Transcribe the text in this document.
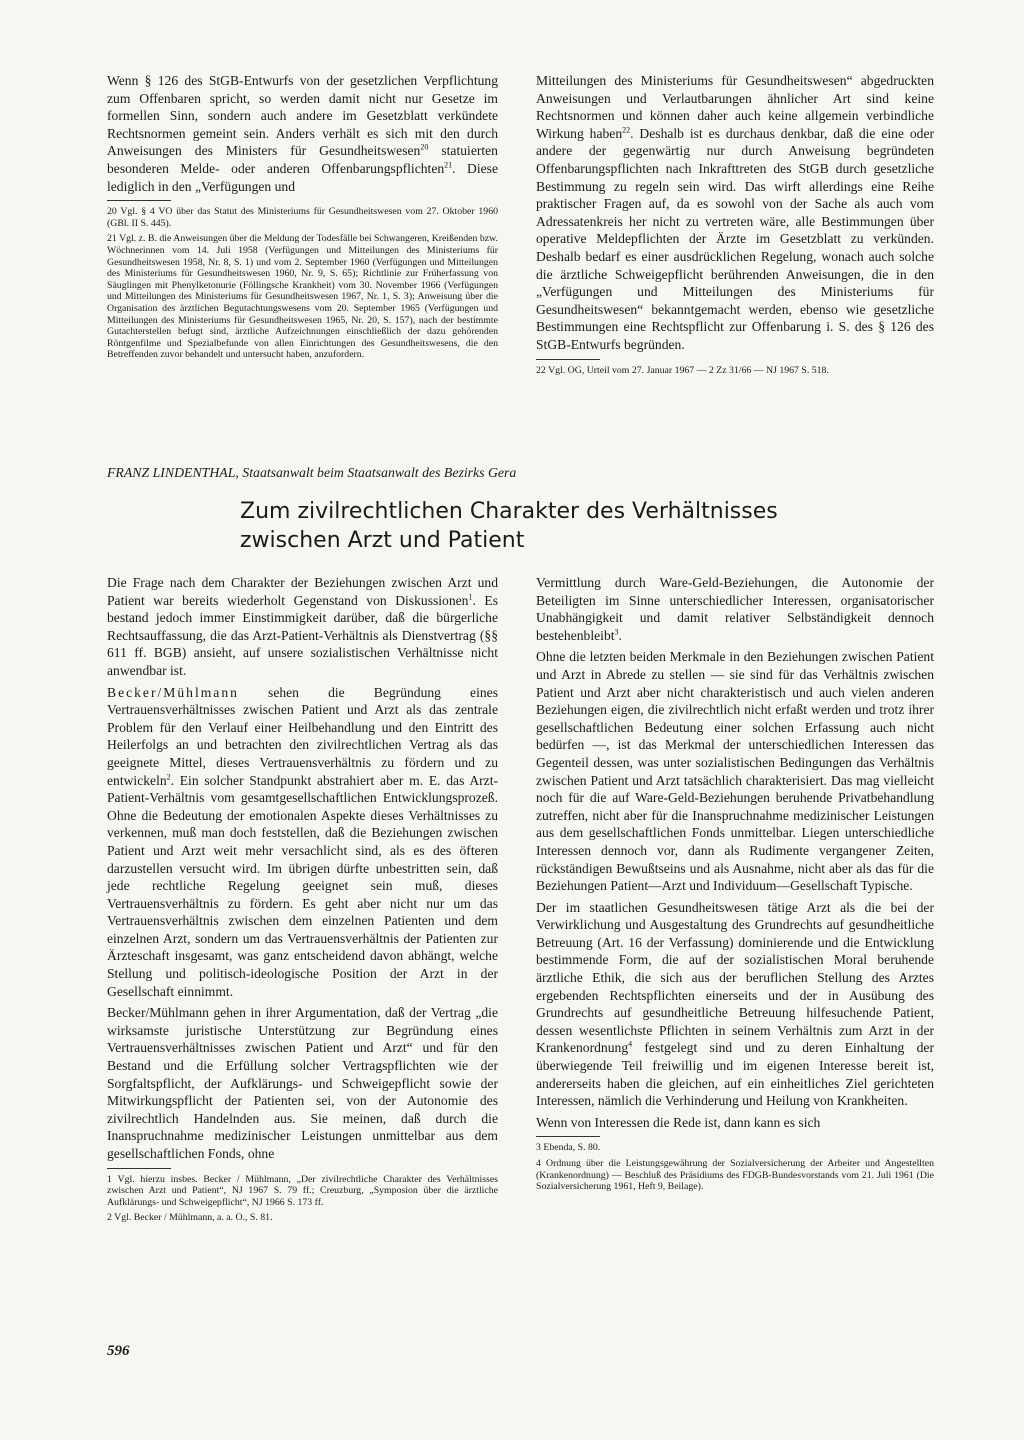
Wenn § 126 des StGB-Entwurfs von der gesetzlichen Verpflichtung zum Offenbaren spricht, so werden damit nicht nur Gesetze im formellen Sinn, sondern auch andere im Gesetzblatt verkündete Rechtsnormen gemeint sein. Anders verhält es sich mit den durch Anweisungen des Ministers für Gesundheitswesen$^{20}$ statuierten besonderen Melde- oder anderen Offenbarungspflichten$^{21}$. Diese lediglich in den „Verfügungen und

20 Vgl. § 4 VO über das Statut des Ministeriums für Gesundheitswesen vom 27. Oktober 1960 (GBl. II S. 445).

21 Vgl. z. B. die Anweisungen über die Meldung der Todesfälle bei Schwangeren, Kreißenden bzw. Wöchnerinnen vom 14. Juli 1958 (Verfügungen und Mitteilungen des Ministeriums für Gesundheitswesen 1958, Nr. 8, S. 1) und vom 2. September 1960 (Verfügungen und Mitteilungen des Ministeriums für Gesundheitswesen 1960, Nr. 9, S. 65); Richtlinie zur Früherfassung von Säuglingen mit Phenylketonurie (Föllingsche Krankheit) vom 30. November 1966 (Verfügungen und Mitteilungen des Ministeriums für Gesundheitswesen 1967, Nr. 1, S. 3); Anweisung über die Organisation des ärztlichen Begutachtungswesens vom 20. September 1965 (Verfügungen und Mitteilungen des Ministeriums für Gesundheitswesen 1965, Nr. 20, S. 157), nach der bestimmte Gutachterstellen befugt sind, ärztliche Aufzeichnungen einschließlich der dazu gehörenden Röntgenfilme und Spezialbefunde von allen Einrichtungen des Gesundheitswesens, die den Betreffenden zuvor behandelt und untersucht haben, anzufordern.

Mitteilungen des Ministeriums für Gesundheitswesen“ abgedruckten Anweisungen und Verlautbarungen ähnlicher Art sind keine Rechtsnormen und können daher auch keine allgemein verbindliche Wirkung haben$^{22}$. Deshalb ist es durchaus denkbar, daß die eine oder andere der gegenwärtig nur durch Anweisung begründeten Offenbarungspflichten nach Inkrafttreten des StGB durch gesetzliche Bestimmung zu regeln sein wird. Das wirft allerdings eine Reihe praktischer Fragen auf, da es sowohl von der Sache als auch vom Adressatenkreis her nicht zu vertreten wäre, alle Bestimmungen über operative Meldepflichten der Ärzte im Gesetzblatt zu verkünden. Deshalb bedarf es einer ausdrücklichen Regelung, wonach auch solche die ärztliche Schweigepflicht berührenden Anweisungen, die in den „Verfügungen und Mitteilungen des Ministeriums für Gesundheitswesen“ bekanntgemacht werden, ebenso wie gesetzliche Bestimmungen eine Rechtspflicht zur Offenbarung i. S. des § 126 des StGB-Entwurfs begründen.

22 Vgl. OG, Urteil vom 27. Januar 1967 — 2 Zz 31/66 — NJ 1967 S. 518.

FRANZ LINDENTHAL, Staatsanwalt beim Staatsanwalt des Bezirks Gera
Zum zivilrechtlichen Charakter des Verhältnisses
zwischen Arzt und Patient

Die Frage nach dem Charakter der Beziehungen zwischen Arzt und Patient war bereits wiederholt Gegenstand von Diskussionen$^1$. Es bestand jedoch immer Einstimmigkeit darüber, daß die bürgerliche Rechtsauffassung, die das Arzt-Patient-Verhältnis als Dienstvertrag (§§ 611 ff. BGB) ansieht, auf unsere sozialistischen Verhältnisse nicht anwendbar ist.

Becker/Mühlmann sehen die Begründung eines Vertrauensverhältnisses zwischen Patient und Arzt als das zentrale Problem für den Verlauf einer Heilbehandlung und den Eintritt des Heilerfolgs an und betrachten den zivilrechtlichen Vertrag als das geeignete Mittel, dieses Vertrauensverhältnis zu fördern und zu entwickeln$^2$. Ein solcher Standpunkt abstrahiert aber m. E. das Arzt-Patient-Verhältnis vom gesamtgesellschaftlichen Entwicklungsprozeß. Ohne die Bedeutung der emotionalen Aspekte dieses Verhältnisses zu verkennen, muß man doch feststellen, daß die Beziehungen zwischen Patient und Arzt weit mehr versachlicht sind, als es des öfteren darzustellen versucht wird. Im übrigen dürfte unbestritten sein, daß jede rechtliche Regelung geeignet sein muß, dieses Vertrauensverhältnis zu fördern. Es geht aber nicht nur um das Vertrauensverhältnis zwischen dem einzelnen Patienten und dem einzelnen Arzt, sondern um das Vertrauensverhältnis der Patienten zur Ärzteschaft insgesamt, was ganz entscheidend davon abhängt, welche Stellung und politisch-ideologische Position der Arzt in der Gesellschaft einnimmt.

Becker/Mühlmann gehen in ihrer Argumentation, daß der Vertrag „die wirksamste juristische Unterstützung zur Begründung eines Vertrauensverhältnisses zwischen Patient und Arzt“ und für den Bestand und die Erfüllung solcher Vertragspflichten wie der Sorgfaltspflicht, der Aufklärungs- und Schweigepflicht sowie der Mitwirkungspflicht der Patienten sei, von der Autonomie des zivilrechtlich Handelnden aus. Sie meinen, daß durch die Inanspruchnahme medizinischer Leistungen unmittelbar aus dem gesellschaftlichen Fonds, ohne

1 Vgl. hierzu insbes. Becker / Mühlmann, „Der zivilrechtliche Charakter des Verhältnisses zwischen Arzt und Patient“, NJ 1967 S. 79 ff.; Creuzburg, „Symposion über die ärztliche Aufklärungs- und Schweigepflicht“, NJ 1966 S. 173 ff.

2 Vgl. Becker / Mühlmann, a. a. O., S. 81.

Vermittlung durch Ware-Geld-Beziehungen, die Autonomie der Beteiligten im Sinne unterschiedlicher Interessen, organisatorischer Unabhängigkeit und damit relativer Selbständigkeit dennoch bestehenbleibt$^3$.

Ohne die letzten beiden Merkmale in den Beziehungen zwischen Patient und Arzt in Abrede zu stellen — sie sind für das Verhältnis zwischen Patient und Arzt aber nicht charakteristisch und auch vielen anderen Beziehungen eigen, die zivilrechtlich nicht erfaßt werden und trotz ihrer gesellschaftlichen Bedeutung einer solchen Erfassung auch nicht bedürfen —, ist das Merkmal der unterschiedlichen Interessen das Gegenteil dessen, was unter sozialistischen Bedingungen das Verhältnis zwischen Patient und Arzt tatsächlich charakterisiert. Das mag vielleicht noch für die auf Ware-Geld-Beziehungen beruhende Privatbehandlung zutreffen, nicht aber für die Inanspruchnahme medizinischer Leistungen aus dem gesellschaftlichen Fonds unmittelbar. Liegen unterschiedliche Interessen dennoch vor, dann als Rudimente vergangener Zeiten, rückständigen Bewußtseins und als Ausnahme, nicht aber als das für die Beziehungen Patient—Arzt und Individuum—Gesellschaft Typische.

Der im staatlichen Gesundheitswesen tätige Arzt als die bei der Verwirklichung und Ausgestaltung des Grundrechts auf gesundheitliche Betreuung (Art. 16 der Verfassung) dominierende und die Entwicklung bestimmende Form, die auf der sozialistischen Moral beruhende ärztliche Ethik, die sich aus der beruflichen Stellung des Arztes ergebenden Rechtspflichten einerseits und der in Ausübung des Grundrechts auf gesundheitliche Betreuung hilfesuchende Patient, dessen wesentlichste Pflichten in seinem Verhältnis zum Arzt in der Krankenordnung$^4$ festgelegt sind und zu deren Einhaltung der überwiegende Teil freiwillig und im eigenen Interesse bereit ist, andererseits haben die gleichen, auf ein einheitliches Ziel gerichteten Interessen, nämlich die Verhinderung und Heilung von Krankheiten.

Wenn von Interessen die Rede ist, dann kann es sich

3 Ebenda, S. 80.

4 Ordnung über die Leistungsgewährung der Sozialversicherung der Arbeiter und Angestellten (Krankenordnung) — Beschluß des Präsidiums des FDGB-Bundesvorstands vom 21. Juli 1961 (Die Sozialversicherung 1961, Heft 9, Beilage).

596
